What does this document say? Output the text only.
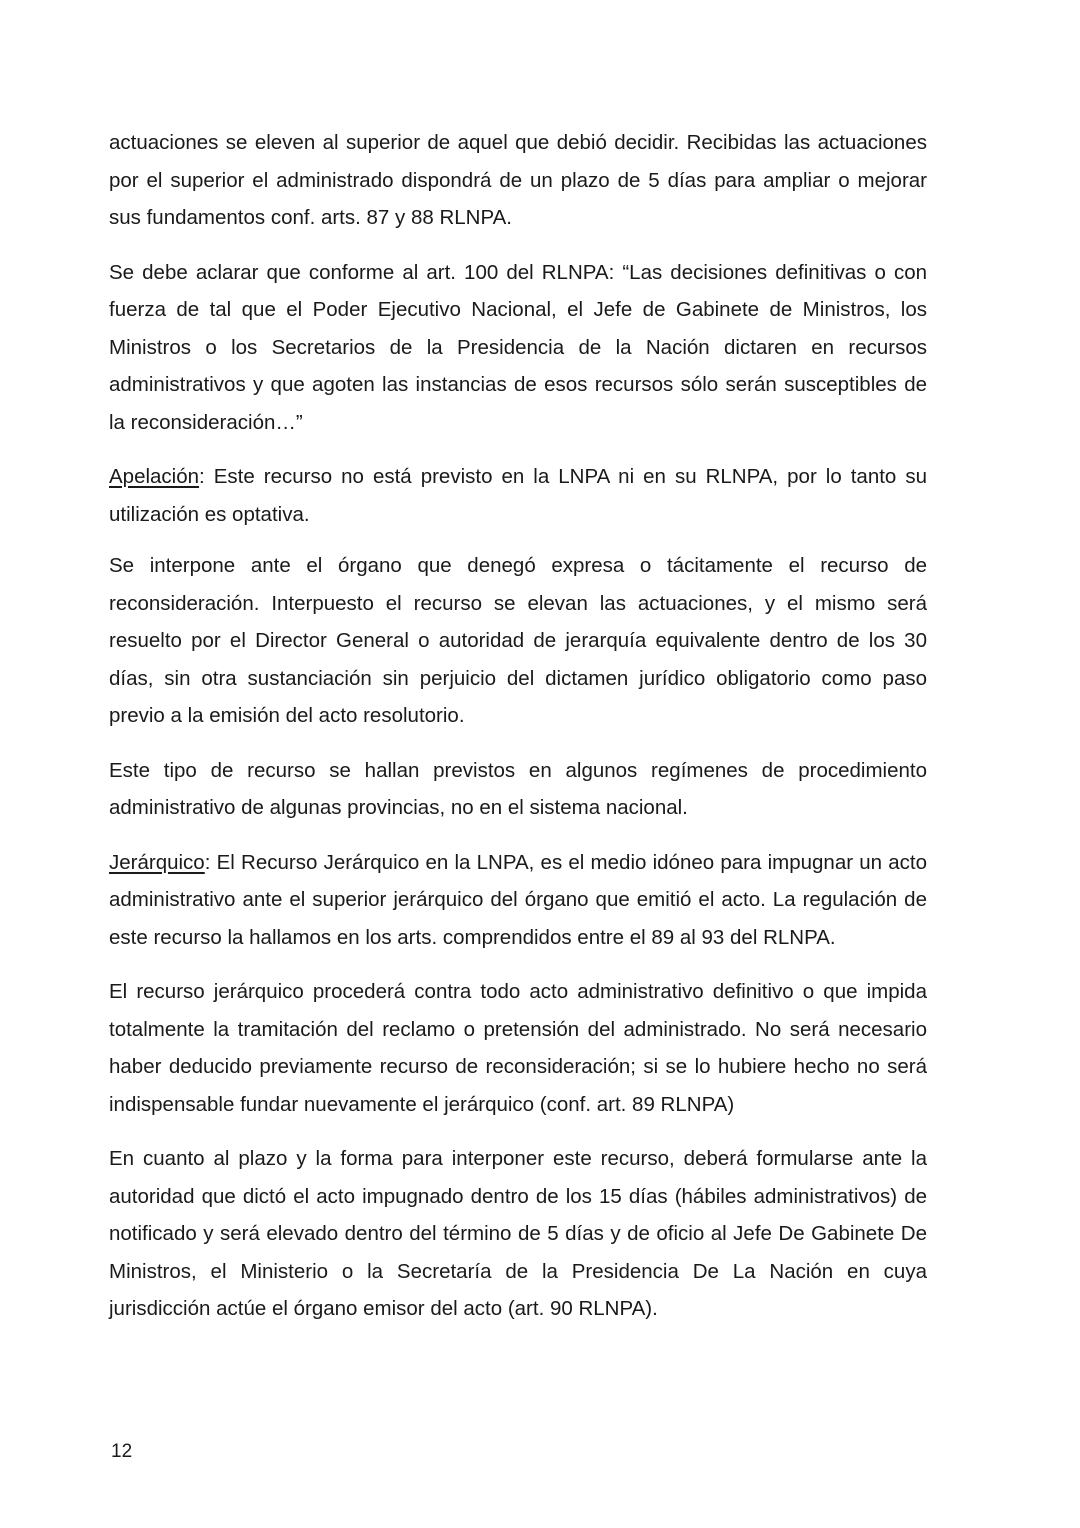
actuaciones se eleven al superior de aquel que debió decidir. Recibidas las actuaciones por el superior el administrado dispondrá de un plazo de 5 días para ampliar o mejorar sus fundamentos conf. arts. 87 y 88 RLNPA.

Se debe aclarar que conforme al art. 100 del RLNPA: “Las decisiones definitivas o con fuerza de tal que el Poder Ejecutivo Nacional, el Jefe de Gabinete de Ministros, los Ministros o los Secretarios de la Presidencia de la Nación dictaren en recursos administrativos y que agoten las instancias de esos recursos sólo serán susceptibles de la reconsideración…”

Apelación: Este recurso no está previsto en la LNPA ni en su RLNPA, por lo tanto su utilización es optativa.

Se interpone ante el órgano que denegó expresa o tácitamente el recurso de reconsideración. Interpuesto el recurso se elevan las actuaciones, y el mismo será resuelto por el Director General o autoridad de jerarquía equivalente dentro de los 30 días, sin otra sustanciación sin perjuicio del dictamen jurídico obligatorio como paso previo a la emisión del acto resolutorio.

Este tipo de recurso se hallan previstos en algunos regímenes de procedimiento administrativo de algunas provincias, no en el sistema nacional.

Jerárquico: El Recurso Jerárquico en la LNPA, es el medio idóneo para impugnar un acto administrativo ante el superior jerárquico del órgano que emitió el acto. La regulación de este recurso la hallamos en los arts. comprendidos entre el 89 al 93 del RLNPA.

El recurso jerárquico procederá contra todo acto administrativo definitivo o que impida totalmente la tramitación del reclamo o pretensión del administrado. No será necesario haber deducido previamente recurso de reconsideración; si se lo hubiere hecho no será indispensable fundar nuevamente el jerárquico (conf. art. 89 RLNPA)

En cuanto al plazo y la forma para interponer este recurso, deberá formularse ante la autoridad que dictó el acto impugnado dentro de los 15 días (hábiles administrativos) de notificado y será elevado dentro del término de 5 días y de oficio al Jefe De Gabinete De Ministros, el Ministerio o la Secretaría de la Presidencia De La Nación en cuya jurisdicción actúe el órgano emisor del acto (art. 90 RLNPA).

12
